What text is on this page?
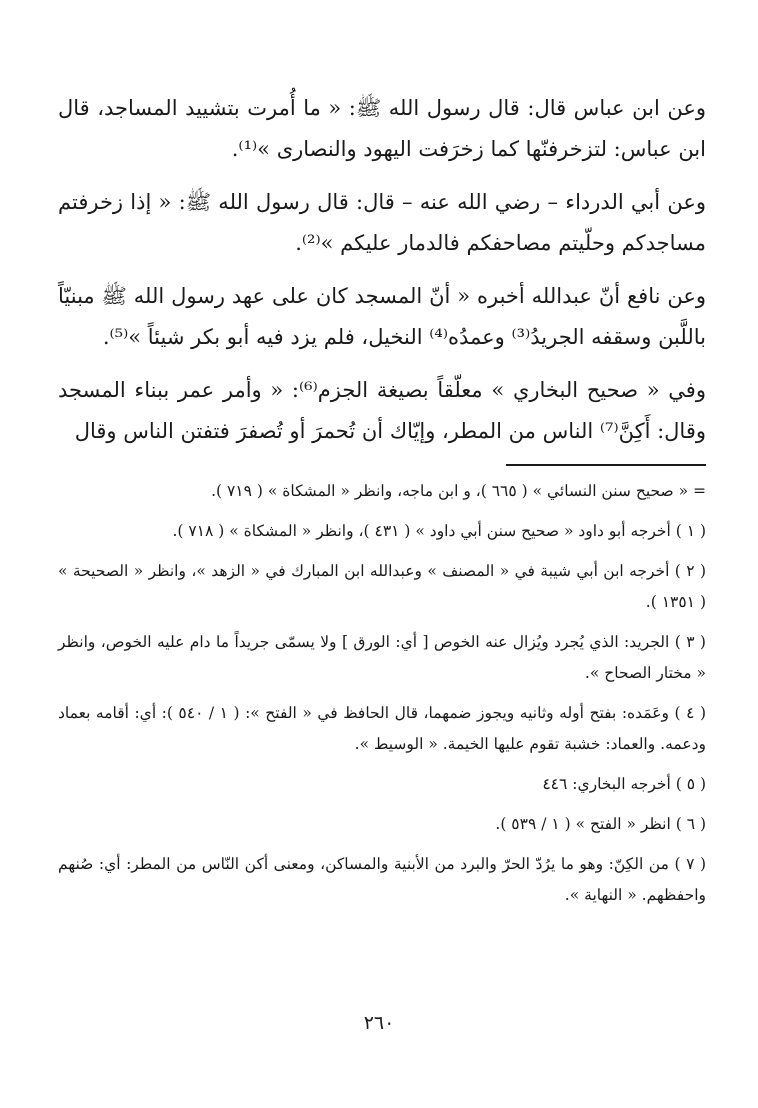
وعن ابن عباس قال: قال رسول الله ﷺ: « ما أُمرت بتشييد المساجد، قال ابن عباس: لتزخرفنّها كما زخرَفت اليهود والنصارى »⁽¹⁾.

وعن أبي الدرداء – رضي الله عنه – قال: قال رسول الله ﷺ: « إذا زخرفتم مساجدكم وحلّيتم مصاحفكم فالدمار عليكم »⁽²⁾.

وعن نافع أنّ عبدالله أخبره « أنّ المسجد كان على عهد رسول الله ﷺ مبنيّاً باللَّبن وسقفه الجريدُ⁽³⁾ وعمدُه⁽⁴⁾ النخيل، فلم يزد فيه أبو بكر شيئاً »⁽⁵⁾.

وفي « صحيح البخاري » معلّقاً بصيغة الجزم⁽⁶⁾: « وأمر عمر ببناء المسجد وقال: أَكِنَّ⁽⁷⁾ الناس من المطر، وإيّاك أن تُحمرَ أو تُصفرَ فتفتن الناس وقال

= « صحيح سنن النسائي » ( ٦٦٥ )، و ابن ماجه، وانظر « المشكاة » ( ٧١٩ ).

( ١ ) أخرجه أبو داود « صحيح سنن أبي داود » ( ٤٣١ )، وانظر « المشكاة » ( ٧١٨ ).

( ٢ ) أخرجه ابن أبي شيبة في « المصنف » وعبدالله ابن المبارك في « الزهد »، وانظر « الصحيحة » ( ١٣٥١ ).

( ٣ ) الجريد: الذي يُجرد ويُزال عنه الخوص [ أي: الورق ] ولا يسمّى جريداً ما دام عليه الخوص، وانظر « مختار الصحاح ».

( ٤ ) وعَمَده: بفتح أوله وثانيه ويجوز ضمهما، قال الحافظ في « الفتح »: ( ١ / ٥٤٠ ): أي: أقامه بعماد ودعمه. والعماد: خشبة تقوم عليها الخيمة. « الوسيط ».

( ٥ ) أخرجه البخاري: ٤٤٦

( ٦ ) انظر « الفتح » ( ١ / ٥٣٩ ).

( ٧ ) من الكِنّ: وهو ما يرُدّ الحرّ والبرد من الأبنية والمساكن، ومعنى أكن النّاس من المطر: أي: صُنهم واحفظهم. « النهاية ».

٢٦٠
